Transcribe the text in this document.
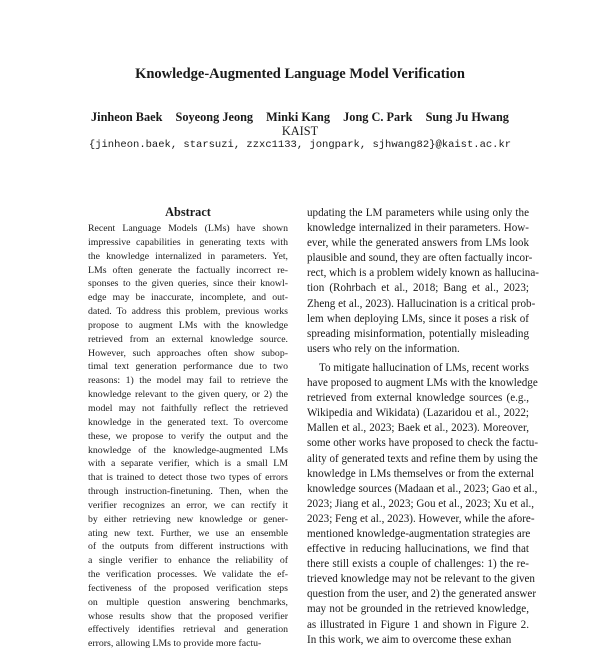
Knowledge-Augmented Language Model Verification
Jinheon Baek Soyeong Jeong Minki Kang Jong C. Park Sung Ju Hwang
KAIST
{jinheon.baek, starsuzi, zzxc1133, jongpark, sjhwang82}@kaist.ac.kr
Abstract
Recent Language Models (LMs) have shown
impressive capabilities in generating texts with
the knowledge internalized in parameters. Yet,
LMs often generate the factually incorrect re-
sponses to the given queries, since their knowl-
edge may be inaccurate, incomplete, and out-
dated. To address this problem, previous works
propose to augment LMs with the knowledge
retrieved from an external knowledge source.
However, such approaches often show subop-
timal text generation performance due to two
reasons: 1) the model may fail to retrieve the
knowledge relevant to the given query, or 2) the
model may not faithfully reflect the retrieved
knowledge in the generated text. To overcome
these, we propose to verify the output and the
knowledge of the knowledge-augmented LMs
with a separate verifier, which is a small LM
that is trained to detect those two types of errors
through instruction-finetuning. Then, when the
verifier recognizes an error, we can rectify it
by either retrieving new knowledge or gener-
ating new text. Further, we use an ensemble
of the outputs from different instructions with
a single verifier to enhance the reliability of
the verification processes. We validate the ef-
fectiveness of the proposed verification steps
on multiple question answering benchmarks,
whose results show that the proposed verifier
effectively identifies retrieval and generation
errors, allowing LMs to provide more factu-
updating the LM parameters while using only the
knowledge internalized in their parameters. How-
ever, while the generated answers from LMs look
plausible and sound, they are often factually incor-
rect, which is a problem widely known as hallucina-
tion (Rohrbach et al., 2018; Bang et al., 2023;
Zheng et al., 2023). Hallucination is a critical prob-
lem when deploying LMs, since it poses a risk of
spreading misinformation, potentially misleading
users who rely on the information.
To mitigate hallucination of LMs, recent works
have proposed to augment LMs with the knowledge
retrieved from external knowledge sources (e.g.,
Wikipedia and Wikidata) (Lazaridou et al., 2022;
Mallen et al., 2023; Baek et al., 2023). Moreover,
some other works have proposed to check the factu-
ality of generated texts and refine them by using the
knowledge in LMs themselves or from the external
knowledge sources (Madaan et al., 2023; Gao et al.,
2023; Jiang et al., 2023; Gou et al., 2023; Xu et al.,
2023; Feng et al., 2023). However, while the afore-
mentioned knowledge-augmentation strategies are
effective in reducing hallucinations, we find that
there still exists a couple of challenges: 1) the re-
trieved knowledge may not be relevant to the given
question from the user, and 2) the generated answer
may not be grounded in the retrieved knowledge,
as illustrated in Figure 1 and shown in Figure 2.
In this work, we aim to overcome these exhan
